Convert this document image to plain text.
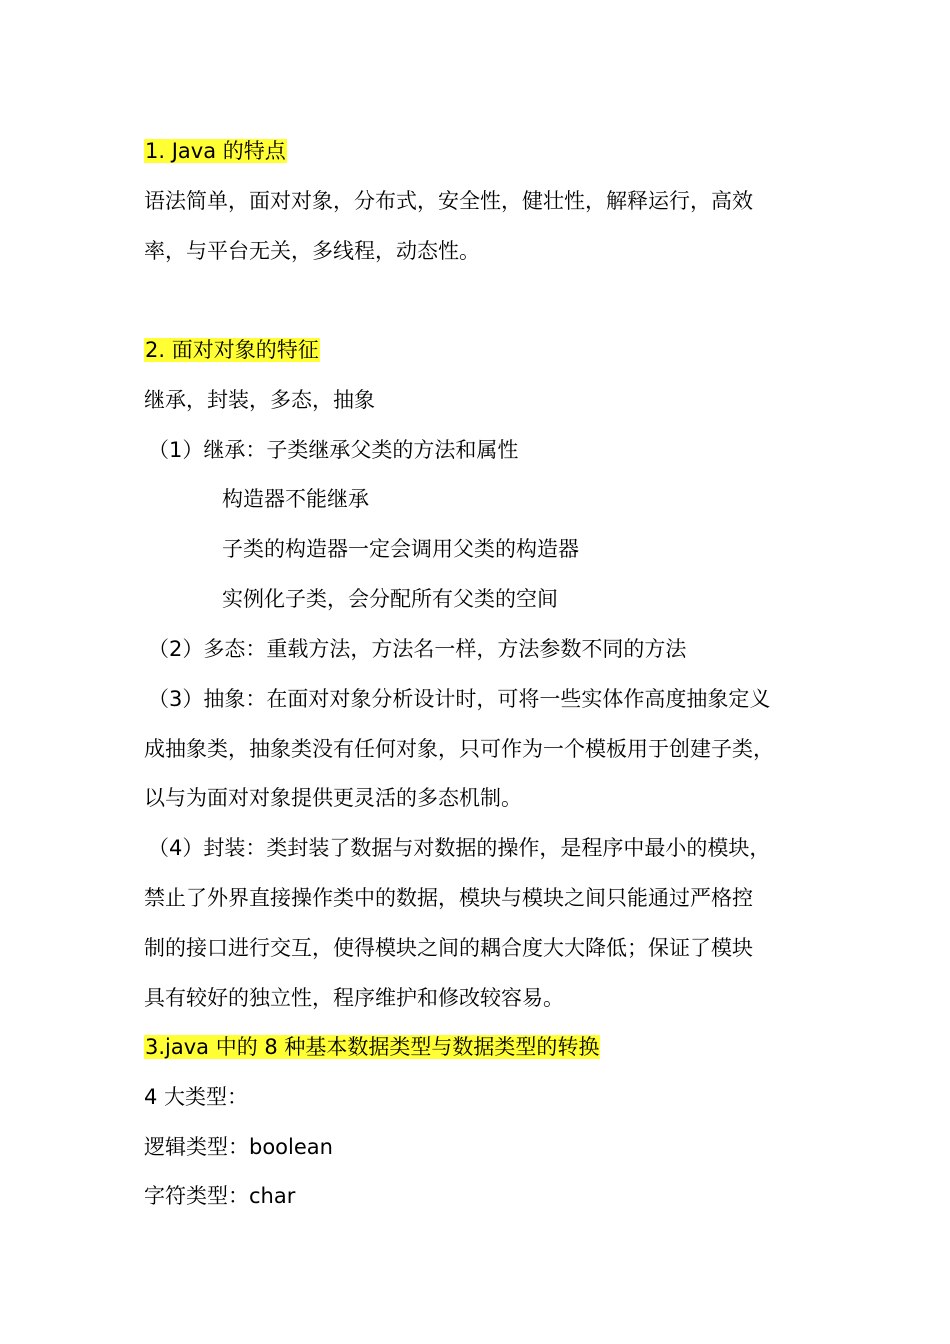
1. Java 的特点
语法简单，面对对象，分布式，安全性，健壮性，解释运行，高效
率，与平台无关，多线程，动态性。
2. 面对对象的特征
继承，封装，多态，抽象
（1）继承：子类继承父类的方法和属性
构造器不能继承
子类的构造器一定会调用父类的构造器
实例化子类，会分配所有父类的空间
（2）多态：重载方法，方法名一样，方法参数不同的方法
（3）抽象：在面对对象分析设计时，可将一些实体作高度抽象定义
成抽象类，抽象类没有任何对象，只可作为一个模板用于创建子类，
以与为面对对象提供更灵活的多态机制。
（4）封装：类封装了数据与对数据的操作，是程序中最小的模块，
禁止了外界直接操作类中的数据，模块与模块之间只能通过严格控
制的接口进行交互，使得模块之间的耦合度大大降低；保证了模块
具有较好的独立性，程序维护和修改较容易。
3.java 中的 8 种基本数据类型与数据类型的转换
4 大类型：
逻辑类型：boolean
字符类型：char
